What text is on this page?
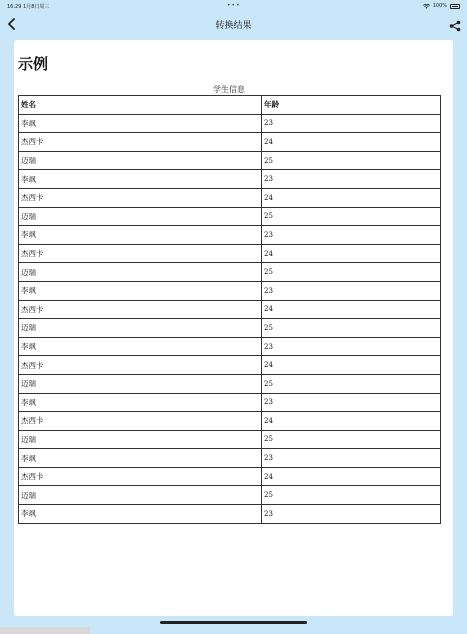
16:29 1月8日周三	•••	100%
转换结果
示例
学生信息
姓名	年龄
李飒	23
杰西卡	24
迈瑞	25
李飒	23
杰西卡	24
迈瑞	25
李飒	23
杰西卡	24
迈瑞	25
李飒	23
杰西卡	24
迈瑞	25
李飒	23
杰西卡	24
迈瑞	25
李飒	23
杰西卡	24
迈瑞	25
李飒	23
杰西卡	24
迈瑞	25
李飒	23
